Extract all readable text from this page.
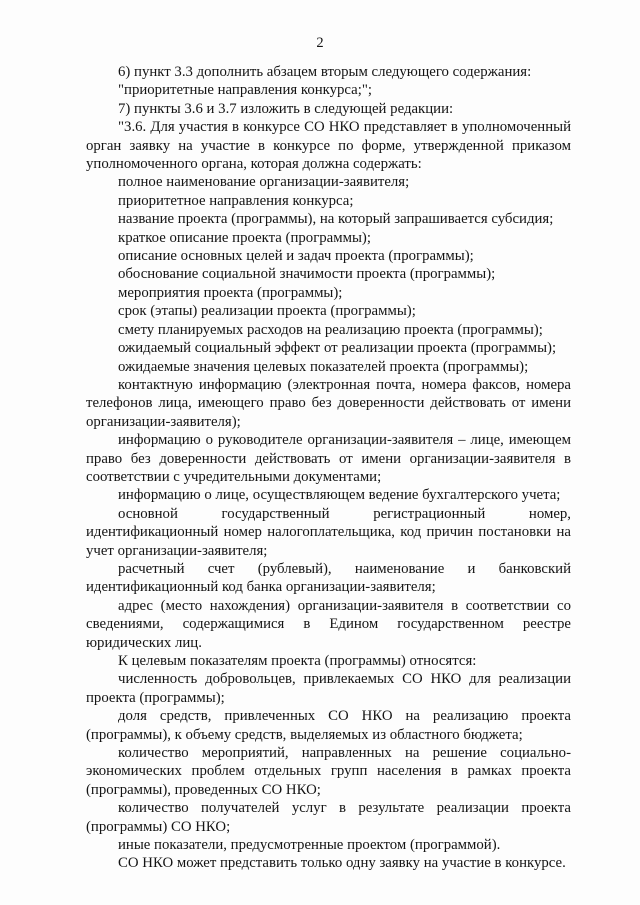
2

6) пункт 3.3 дополнить абзацем вторым следующего содержания:

"приоритетные направления конкурса;";

7) пункты 3.6 и 3.7 изложить в следующей редакции:

"3.6. Для участия в конкурсе СО НКО представляет в уполномоченный орган заявку на участие в конкурсе по форме, утвержденной приказом уполномоченного органа, которая должна содержать:

полное наименование организации-заявителя;

приоритетное направления конкурса;

название проекта (программы), на который запрашивается субсидия;

краткое описание проекта (программы);

описание основных целей и задач проекта (программы);

обоснование социальной значимости проекта (программы);

мероприятия проекта (программы);

срок (этапы) реализации проекта (программы);

смету планируемых расходов на реализацию проекта (программы);

ожидаемый социальный эффект от реализации проекта (программы);

ожидаемые значения целевых показателей проекта (программы);

контактную информацию (электронная почта, номера факсов, номера телефонов лица, имеющего право без доверенности действовать от имени организации-заявителя);

информацию о руководителе организации-заявителя – лице, имеющем право без доверенности действовать от имени организации-заявителя в соответствии с учредительными документами;

информацию о лице, осуществляющем ведение бухгалтерского учета;

основной государственный регистрационный номер, идентификационный номер налогоплательщика, код причин постановки на учет организации-заявителя;

расчетный счет (рублевый), наименование и банковский идентификационный код банка организации-заявителя;

адрес (место нахождения) организации-заявителя в соответствии со сведениями, содержащимися в Едином государственном реестре юридических лиц.

К целевым показателям проекта (программы) относятся:

численность добровольцев, привлекаемых СО НКО для реализации проекта (программы);

доля средств, привлеченных СО НКО на реализацию проекта (программы), к объему средств, выделяемых из областного бюджета;

количество мероприятий, направленных на решение социально-экономических проблем отдельных групп населения в рамках проекта (программы), проведенных СО НКО;

количество получателей услуг в результате реализации проекта (программы) СО НКО;

иные показатели, предусмотренные проектом (программой).

СО НКО может представить только одну заявку на участие в конкурсе.
